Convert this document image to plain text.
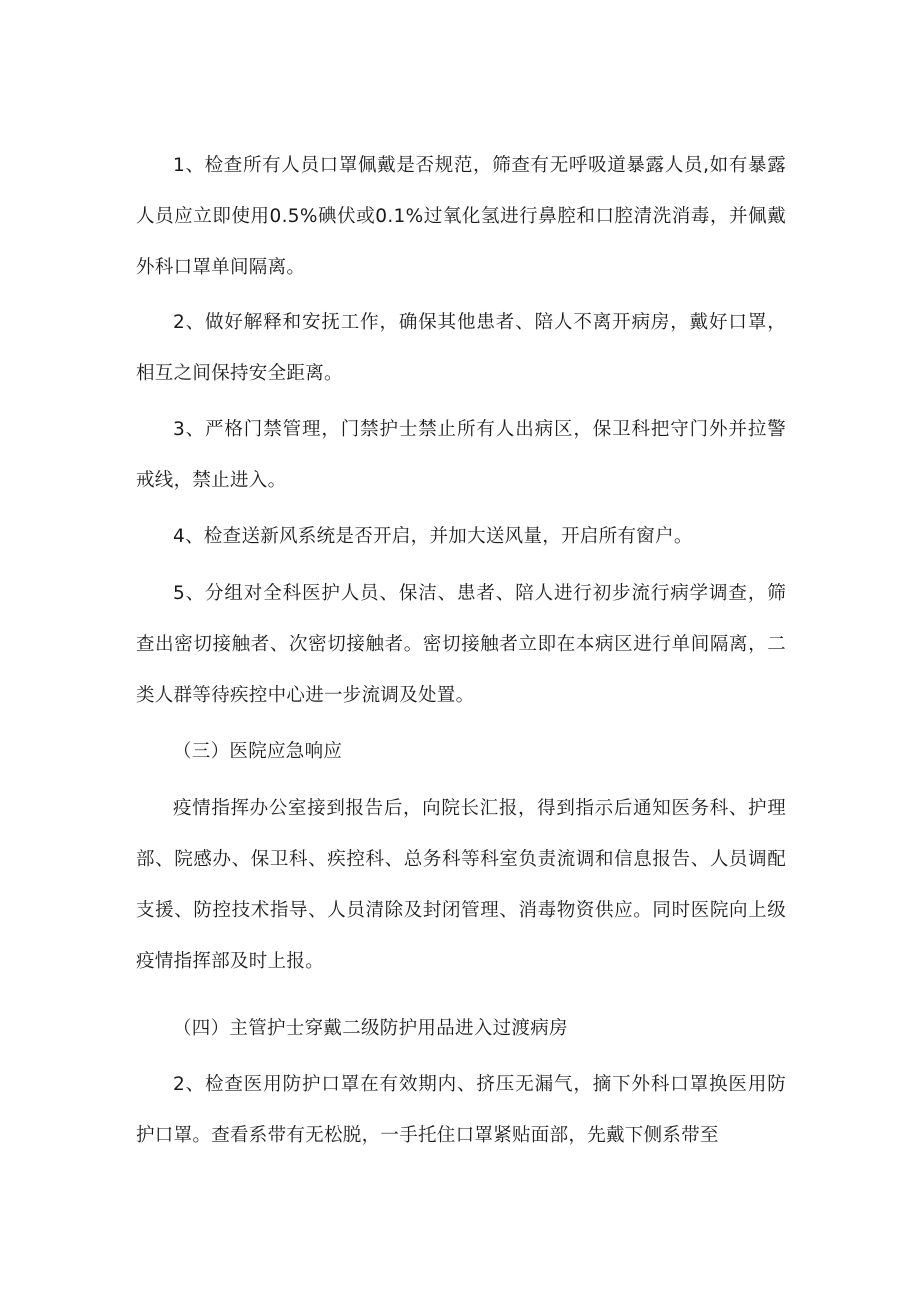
1、检查所有人员口罩佩戴是否规范，筛查有无呼吸道暴露人员,如有暴露人员应立即使用0.5%碘伏或0.1%过氧化氢进行鼻腔和口腔清洗消毒，并佩戴外科口罩单间隔离。

2、做好解释和安抚工作，确保其他患者、陪人不离开病房，戴好口罩，相互之间保持安全距离。

3、严格门禁管理，门禁护士禁止所有人出病区，保卫科把守门外并拉警戒线，禁止进入。

4、检查送新风系统是否开启，并加大送风量，开启所有窗户。

5、分组对全科医护人员、保洁、患者、陪人进行初步流行病学调查，筛查出密切接触者、次密切接触者。密切接触者立即在本病区进行单间隔离，二类人群等待疾控中心进一步流调及处置。

（三）医院应急响应

疫情指挥办公室接到报告后，向院长汇报，得到指示后通知医务科、护理部、院感办、保卫科、疾控科、总务科等科室负责流调和信息报告、人员调配支援、防控技术指导、人员清除及封闭管理、消毒物资供应。同时医院向上级疫情指挥部及时上报。

（四）主管护士穿戴二级防护用品进入过渡病房

2、检查医用防护口罩在有效期内、挤压无漏气，摘下外科口罩换医用防护口罩。查看系带有无松脱，一手托住口罩紧贴面部，先戴下侧系带至
